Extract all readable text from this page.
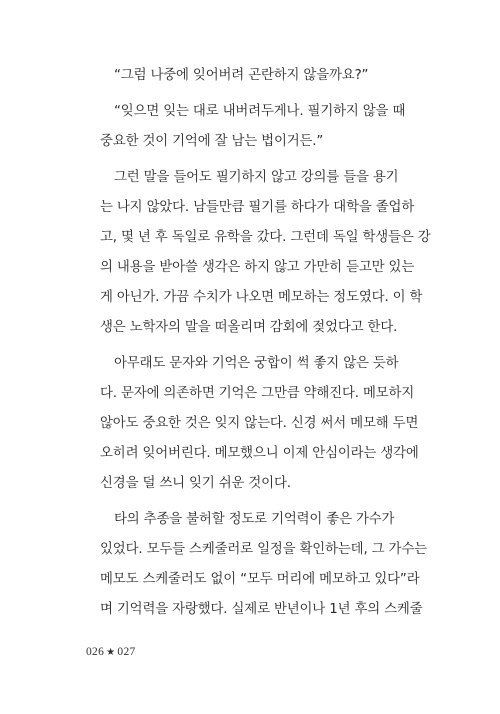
“그럼 나중에 잊어버려 곤란하지 않을까요?”
“잊으면 잊는 대로 내버려두게나. 필기하지 않을 때
중요한 것이 기억에 잘 남는 법이거든.”
그런 말을 들어도 필기하지 않고 강의를 들을 용기
는 나지 않았다. 남들만큼 필기를 하다가 대학을 졸업하
고, 몇 년 후 독일로 유학을 갔다. 그런데 독일 학생들은 강
의 내용을 받아쓸 생각은 하지 않고 가만히 듣고만 있는
게 아닌가. 가끔 수치가 나오면 메모하는 정도였다. 이 학
생은 노학자의 말을 떠올리며 감회에 젖었다고 한다.
아무래도 문자와 기억은 궁합이 썩 좋지 않은 듯하
다. 문자에 의존하면 기억은 그만큼 약해진다. 메모하지
않아도 중요한 것은 잊지 않는다. 신경 써서 메모해 두면
오히려 잊어버린다. 메모했으니 이제 안심이라는 생각에
신경을 덜 쓰니 잊기 쉬운 것이다.
타의 추종을 불허할 정도로 기억력이 좋은 가수가
있었다. 모두들 스케줄러로 일정을 확인하는데, 그 가수는
메모도 스케줄러도 없이 “모두 머리에 메모하고 있다”라
며 기억력을 자랑했다. 실제로 반년이나 1년 후의 스케줄
026 ★ 027
